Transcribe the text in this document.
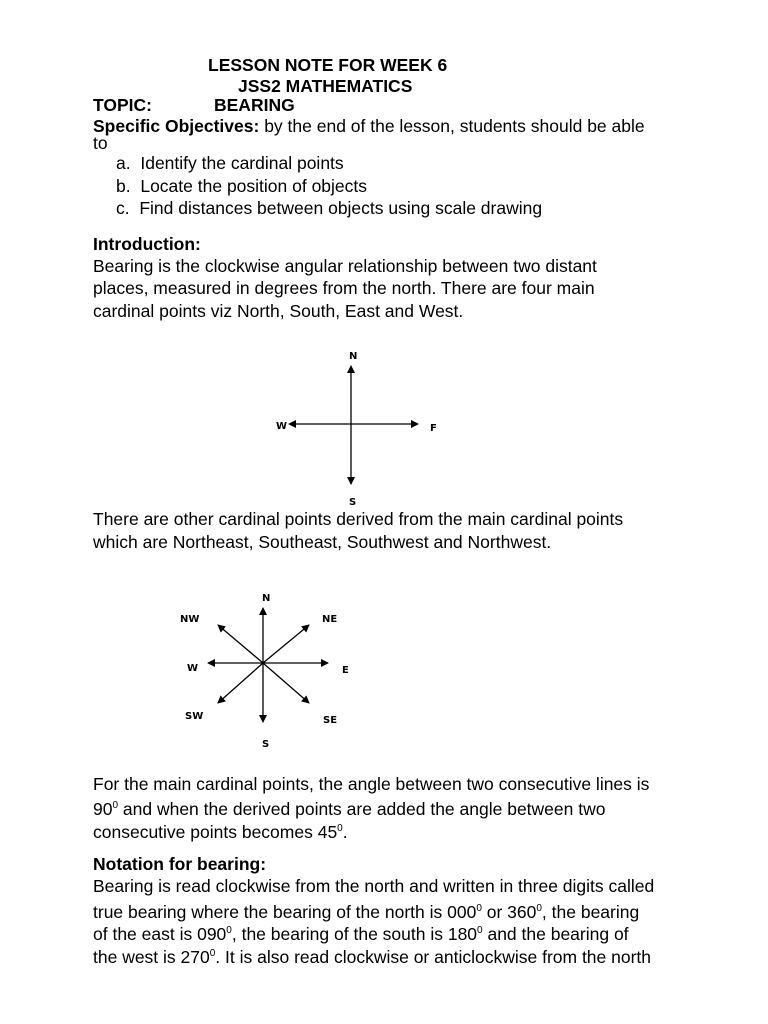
LESSON NOTE FOR WEEK 6
JSS2 MATHEMATICS
TOPIC:	BEARING
Specific Objectives: by the end of the lesson, students should be able
to
a. Identify the cardinal points
b. Locate the position of objects
c. Find distances between objects using scale drawing
Introduction:
Bearing is the clockwise angular relationship between two distant
places, measured in degrees from the north. There are four main
cardinal points viz North, South, East and West.
N
S
W	F
There are other cardinal points derived from the main cardinal points
which are Northeast, Southeast, Southwest and Northwest.
N
NE
E
SE
S
SW
W
NW
For the main cardinal points, the angle between two consecutive lines is
$90^0$ and when the derived points are added the angle between two
consecutive points becomes $45^0$.
Notation for bearing:
Bearing is read clockwise from the north and written in three digits called
true bearing where the bearing of the north is $000^0$ or $360^0$, the bearing
of the east is $090^0$, the bearing of the south is $180^0$ and the bearing of
the west is $270^0$. It is also read clockwise or anticlockwise from the north
